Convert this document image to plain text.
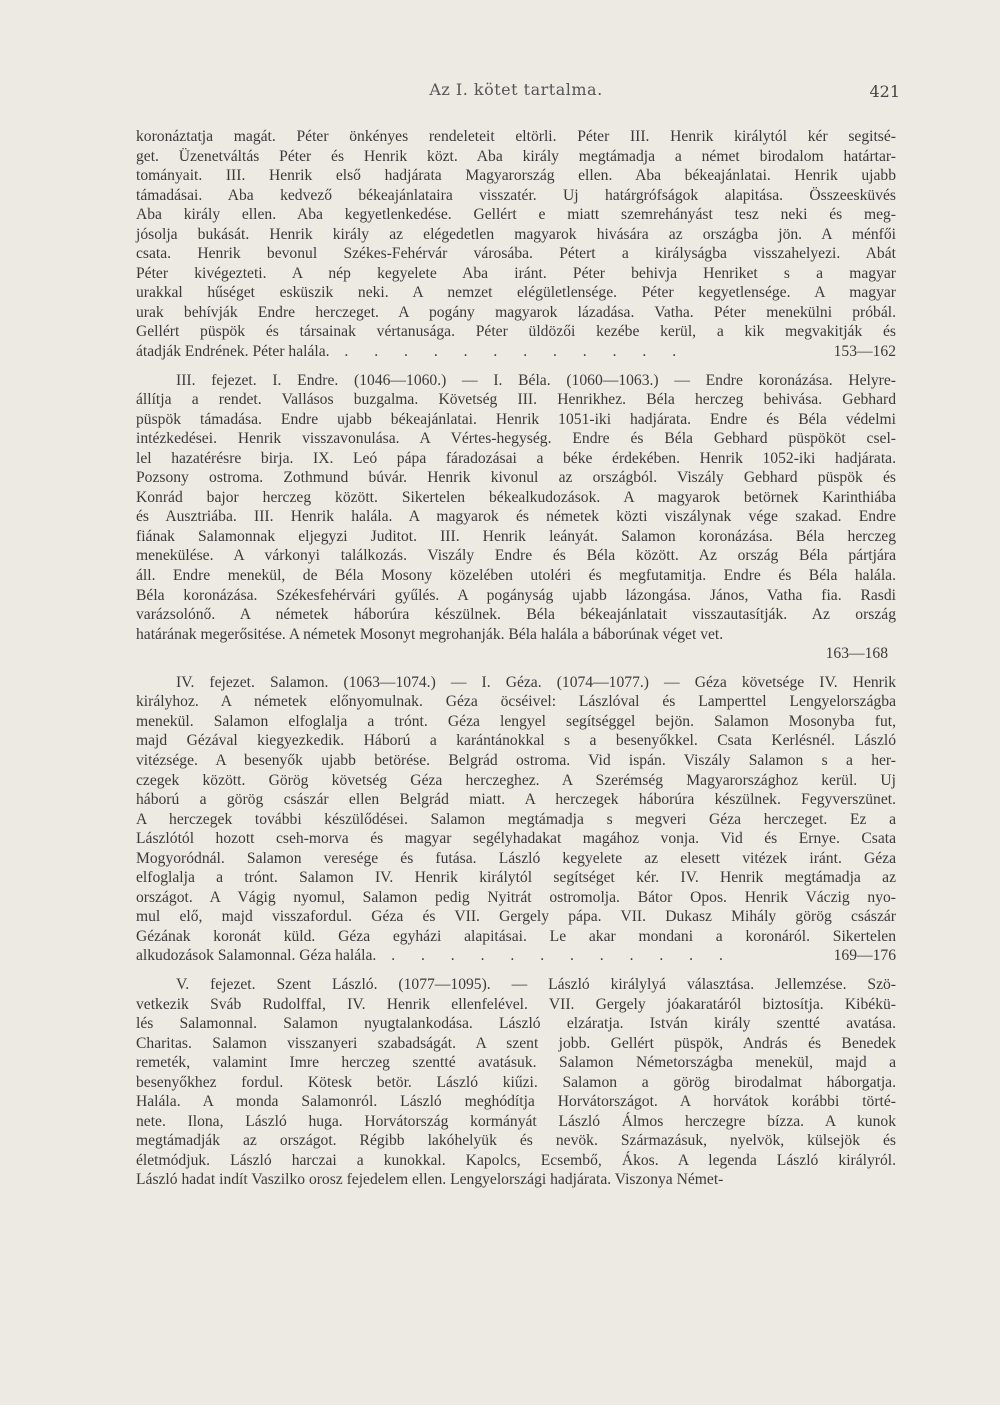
Az I. kötet tartalma.	421
koronáztatja magát. Péter önkényes rendeleteit eltörli. Péter III. Henrik királytól kér segitsé-
get. Üzenetváltás Péter és Henrik közt. Aba király megtámadja a német birodalom határtar-
tományait. III. Henrik első hadjárata Magyarország ellen. Aba békeajánlatai. Henrik ujabb
támadásai. Aba kedvező békeajánlataira visszatér. Uj határgrófságok alapitása. Összeesküvés
Aba király ellen. Aba kegyetlenkedése. Gellért e miatt szemrehányást tesz neki és meg-
jósolja bukását. Henrik király az elégedetlen magyarok hivására az országba jön. A ménfői
csata. Henrik bevonul Székes-Fehérvár városába. Pétert a királyságba visszahelyezi. Abát
Péter kivégezteti. A nép kegyelete Aba iránt. Péter behivja Henriket s a magyar
urakkal hűséget esküszik neki. A nemzet elégületlensége. Péter kegyetlensége. A magyar
urak behívják Endre herczeget. A pogány magyarok lázadása. Vatha. Péter menekülni próbál.
Gellért püspök és társainak vértanusága. Péter üldözői kezébe kerül, a kik megvakitják és
átadják Endrének. Péter halála. . . . . . . . . . . . .	153—162
III. fejezet. I. Endre. (1046—1060.) — I. Béla. (1060—1063.) — Endre koronázása. Helyre-
állítja a rendet. Vallásos buzgalma. Követség III. Henrikhez. Béla herczeg behivása. Gebhard
püspök támadása. Endre ujabb békeajánlatai. Henrik 1051-iki hadjárata. Endre és Béla védelmi
intézkedései. Henrik visszavonulása. A Vértes-hegység. Endre és Béla Gebhard püspököt csel-
lel hazatérésre birja. IX. Leó pápa fáradozásai a béke érdekében. Henrik 1052-iki hadjárata.
Pozsony ostroma. Zothmund búvár. Henrik kivonul az országból. Viszály Gebhard püspök és
Konrád bajor herczeg között. Sikertelen békealkudozások. A magyarok betörnek Karinthiába
és Ausztriába. III. Henrik halála. A magyarok és németek közti viszálynak vége szakad. Endre
fiának Salamonnak eljegyzi Juditot. III. Henrik leányát. Salamon koronázása. Béla herczeg
menekülése. A várkonyi találkozás. Viszály Endre és Béla között. Az ország Béla pártjára
áll. Endre menekül, de Béla Mosony közelében utoléri és megfutamitja. Endre és Béla halála.
Béla koronázása. Székesfehérvári gyűlés. A pogányság ujabb lázongása. János, Vatha fia. Rasdi
varázsolónő. A németek háborúra készülnek. Béla békeajánlatait visszautasítják. Az ország
határának megerősitése. A németek Mosonyt megrohanják. Béla halála a báborúnak véget vet.
163—168
IV. fejezet. Salamon. (1063—1074.) — I. Géza. (1074—1077.) — Géza követsége IV. Henrik
királyhoz. A németek előnyomulnak. Géza öcséivel: Lászlóval és Lamperttel Lengyelországba
menekül. Salamon elfoglalja a trónt. Géza lengyel segítséggel bejön. Salamon Mosonyba fut,
majd Gézával kiegyezkedik. Háború a karántánokkal s a besenyőkkel. Csata Kerlésnél. László
vitézsége. A besenyők ujabb betörése. Belgrád ostroma. Vid ispán. Viszály Salamon s a her-
czegek között. Görög követség Géza herczeghez. A Szerémség Magyarországhoz kerül. Uj
háború a görög császár ellen Belgrád miatt. A herczegek háborúra készülnek. Fegyverszünet.
A herczegek további készülődései. Salamon megtámadja s megveri Géza herczeget. Ez a
Lászlótól hozott cseh-morva és magyar segélyhadakat magához vonja. Vid és Ernye. Csata
Mogyoródnál. Salamon veresége és futása. László kegyelete az elesett vitézek iránt. Géza
elfoglalja a trónt. Salamon IV. Henrik királytól segítséget kér. IV. Henrik megtámadja az
országot. A Vágig nyomul, Salamon pedig Nyitrát ostromolja. Bátor Opos. Henrik Váczig nyo-
mul elő, majd visszafordul. Géza és VII. Gergely pápa. VII. Dukasz Mihály görög császár
Gézának koronát küld. Géza egyházi alapitásai. Le akar mondani a koronáról. Sikertelen
alkudozások Salamonnal. Géza halála. . . . . . . . . . . . .	169—176
V. fejezet. Szent László. (1077—1095). — László királylyá választása. Jellemzése. Szö-
vetkezik Sváb Rudolffal, IV. Henrik ellenfelével. VII. Gergely jóakaratáról biztosítja. Kibékü-
lés Salamonnal. Salamon nyugtalankodása. László elzáratja. István király szentté avatása.
Charitas. Salamon visszanyeri szabadságát. A szent jobb. Gellért püspök, András és Benedek
remeték, valamint Imre herczeg szentté avatásuk. Salamon Németországba menekül, majd a
besenyőkhez fordul. Kötesk betör. László kiűzi. Salamon a görög birodalmat háborgatja.
Halála. A monda Salamonról. László meghódítja Horvátországot. A horvátok korábbi törté-
nete. Ilona, László huga. Horvátország kormányát László Álmos herczegre bízza. A kunok
megtámadják az országot. Régibb lakóhelyük és nevök. Származásuk, nyelvök, külsejök és
életmódjuk. László harczai a kunokkal. Kapolcs, Ecsembő, Ákos. A legenda László királyról.
László hadat indít Vaszilko orosz fejedelem ellen. Lengyelországi hadjárata. Viszonya Német-
